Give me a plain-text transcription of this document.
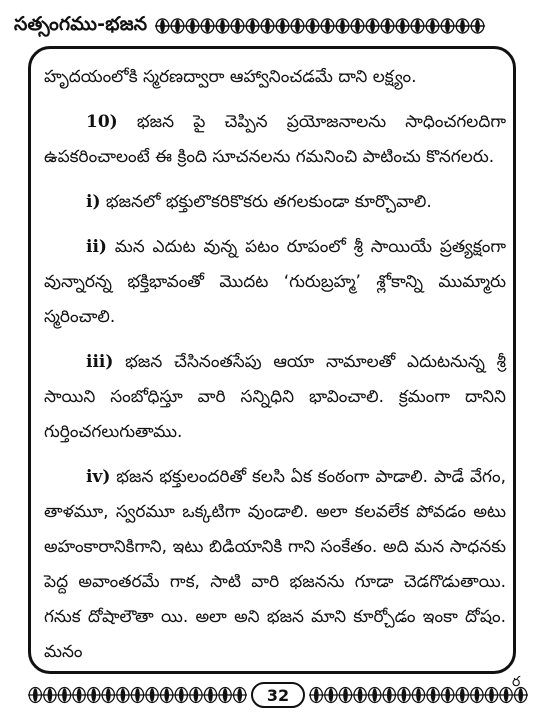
సత్సంగము-భజన

హృదయంలోకి స్మరణద్వారా ఆహ్వానించడమే దాని లక్ష్యం.

10) భజన పై చెప్పిన ప్రయోజనాలను సాధించగలదిగా ఉపకరించాలంటే ఈ క్రింది సూచనలను గమనించి పాటించు కొనగలరు.

i) భజనలో భక్తులొకరికొకరు తగలకుండా కూర్చొవాలి.

ii) మన ఎదుట వున్న పటం రూపంలో శ్రీ సాయియే ప్రత్యక్షంగా వున్నారన్న భక్తిభావంతో మొదట ‘గురుబ్రహ్మ’ శ్లోకాన్ని ముమ్మారు స్మరించాలి.

iii) భజన చేసినంతసేపు ఆయా నామాలతో ఎదుటనున్న శ్రీ సాయిని సంబోధిస్తూ వారి సన్నిధిని భావించాలి. క్రమంగా దానిని గుర్తించగలుగుతాము.

iv) భజన భక్తులందరితో కలసి ఏక కంఠంగా పాడాలి. పాడే వేగం, తాళమూ, స్వరమూ ఒక్కటిగా వుండాలి. అలా కలవలేక పోవడం అటు అహంకారానికిగాని, ఇటు బిడియానికి గాని సంకేతం. అది మన సాధనకు పెద్ద అవాంతరమే గాక, సాటి వారి భజనను గూడా చెడగొడుతాయి. గనుక దోషాలౌతా యి. అలా అని భజన మాని కూర్చోడం ఇంకా దోషం. మనం

ర
32
